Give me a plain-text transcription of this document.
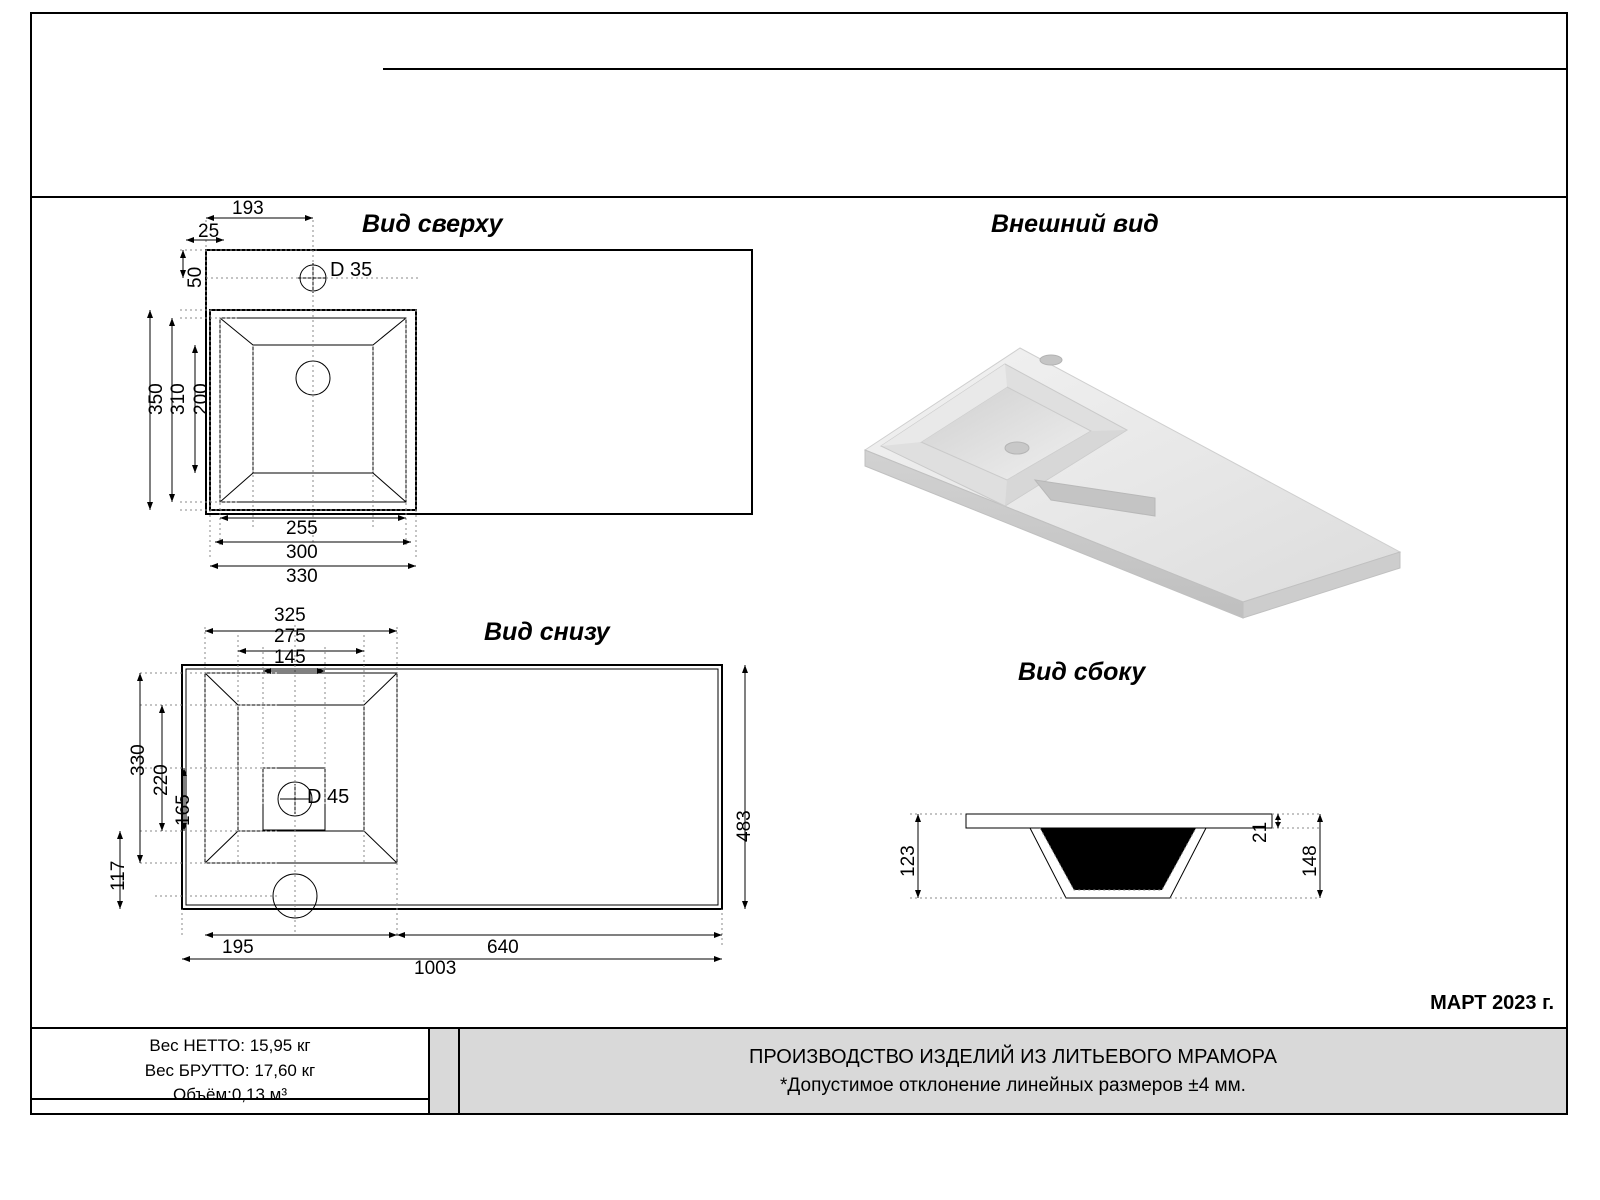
Вид сверху
Вид снизу
Внешний вид
Вид сбоку
193
25
50	D 35
350 310 200
255
300
330
325
275
145
330
220
165	D 45
117
483
195	640
1003
123
21
148
МАРТ 2023 г.
Вес НЕТТО: 15,95 кг
Вес БРУТТО: 17,60 кг
Объём:0,13 м³
ПРОИЗВОДСТВО ИЗДЕЛИЙ ИЗ ЛИТЬЕВОГО МРАМОРА
*Допустимое отклонение линейных размеров ±4 мм.
